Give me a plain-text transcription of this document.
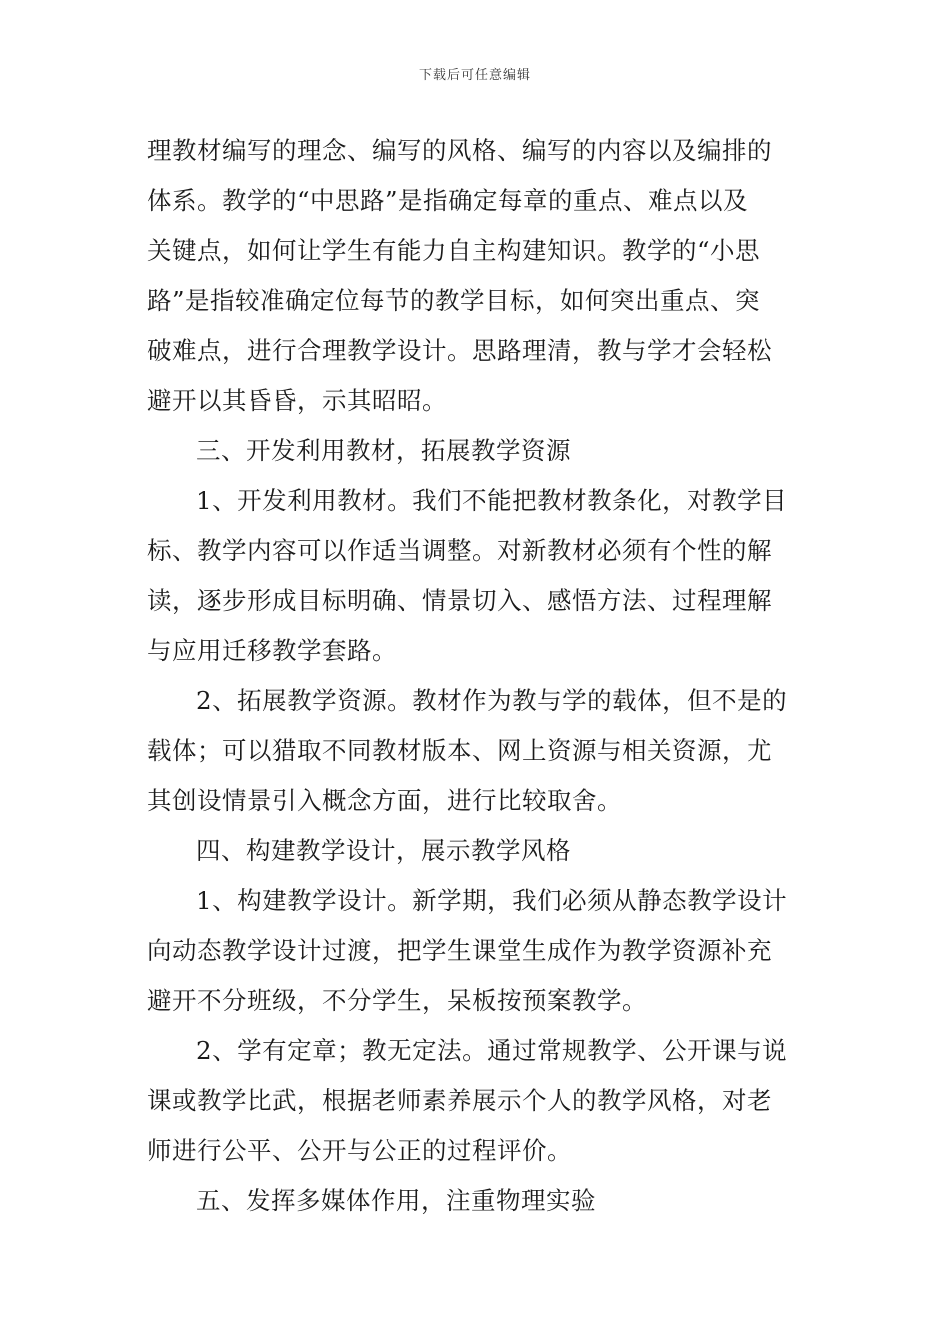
下载后可任意编辑
理教材编写的理念、编写的风格、编写的内容以及编排的
体系。教学的“中思路”是指确定每章的重点、难点以及
关键点，如何让学生有能力自主构建知识。教学的“小思
路”是指较准确定位每节的教学目标，如何突出重点、突
破难点，进行合理教学设计。思路理清，教与学才会轻松
避开以其昏昏，示其昭昭。
三、开发利用教材，拓展教学资源
1、开发利用教材。我们不能把教材教条化，对教学目
标、教学内容可以作适当调整。对新教材必须有个性的解
读，逐步形成目标明确、情景切入、感悟方法、过程理解
与应用迁移教学套路。
2、拓展教学资源。教材作为教与学的载体，但不是的
载体；可以猎取不同教材版本、网上资源与相关资源，尤
其创设情景引入概念方面，进行比较取舍。
四、构建教学设计，展示教学风格
1、构建教学设计。新学期，我们必须从静态教学设计
向动态教学设计过渡，把学生课堂生成作为教学资源补充
避开不分班级，不分学生，呆板按预案教学。
2、学有定章；教无定法。通过常规教学、公开课与说
课或教学比武，根据老师素养展示个人的教学风格，对老
师进行公平、公开与公正的过程评价。
五、发挥多媒体作用，注重物理实验
